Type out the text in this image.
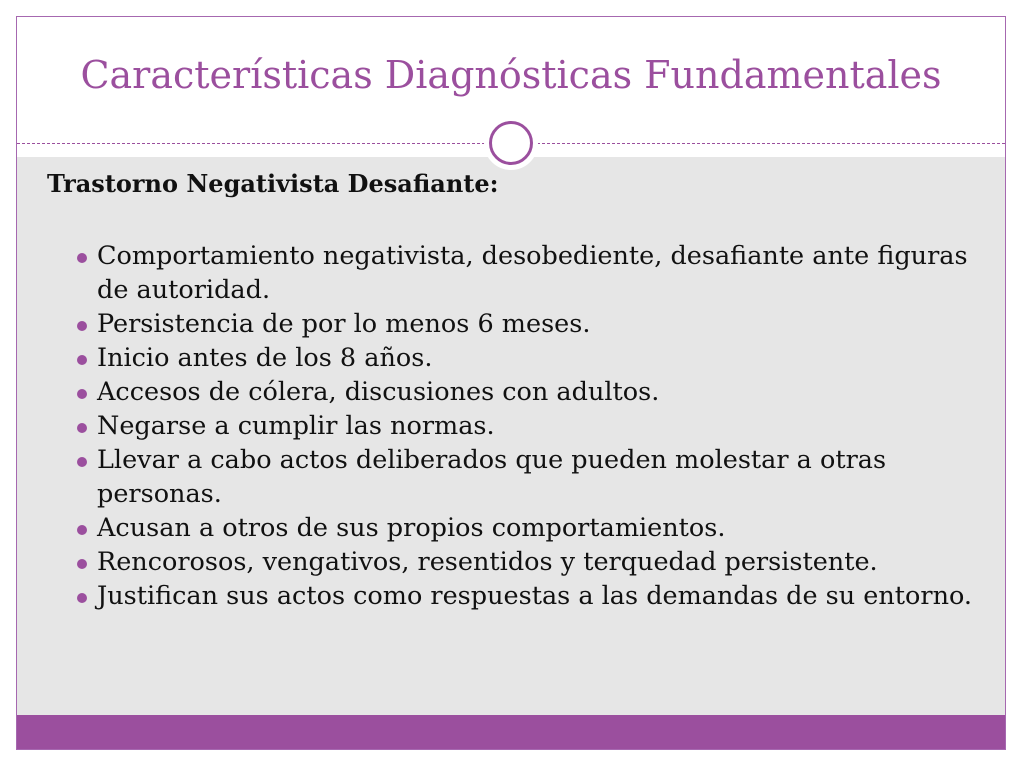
Características Diagnósticas Fundamentales
Trastorno Negativista Desafiante:
Comportamiento negativista, desobediente, desafiante ante figuras de autoridad.
Persistencia de por lo menos 6 meses.
Inicio antes de los 8 años.
Accesos de cólera, discusiones con adultos.
Negarse a cumplir las normas.
Llevar a cabo actos deliberados que pueden molestar a otras personas.
Acusan a otros de sus propios comportamientos.
Rencorosos, vengativos, resentidos y terquedad persistente.
Justifican sus actos como respuestas a las demandas de su entorno.
